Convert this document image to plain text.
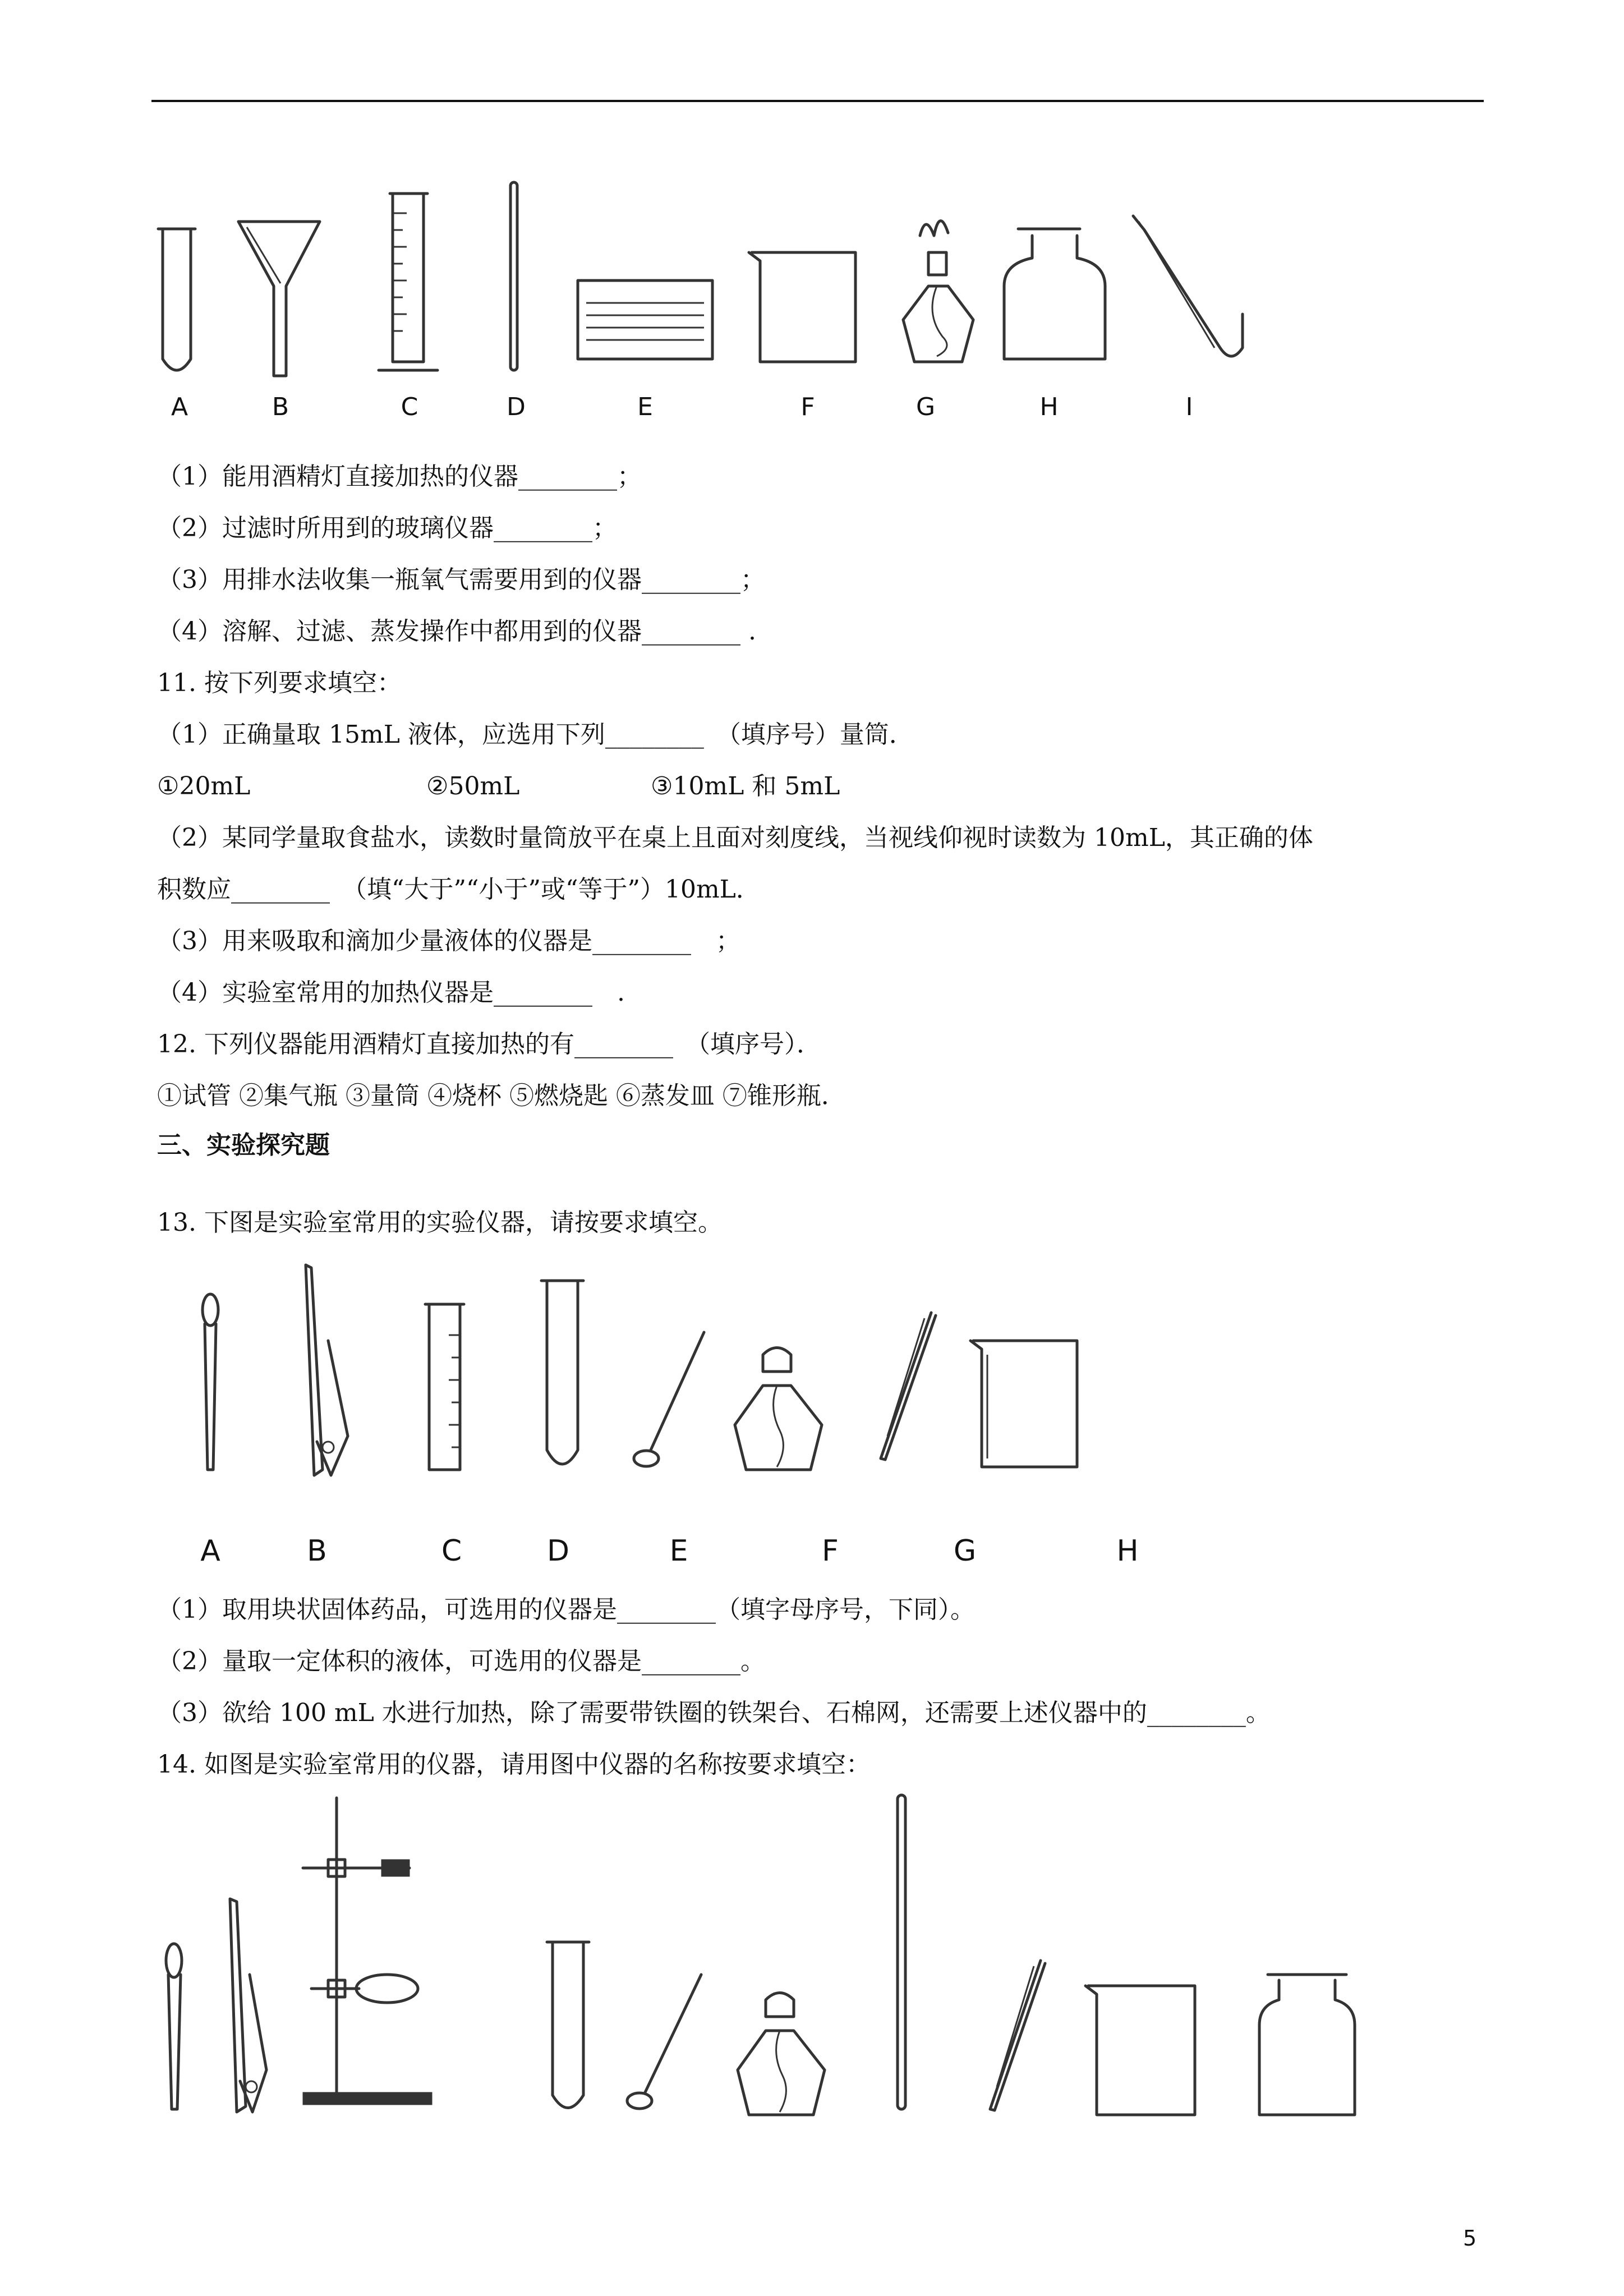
A	B	C	D	E	F	G	H	I
（1）能用酒精灯直接加热的仪器________；
（2）过滤时所用到的玻璃仪器________；
（3）用排水法收集一瓶氧气需要用到的仪器________；
（4）溶解、过滤、蒸发操作中都用到的仪器________ .
11. 按下列要求填空：
（1）正确量取 15mL 液体，应选用下列________　（填序号）量筒．
①20mL	②50mL	③10mL 和 5mL
（2）某同学量取食盐水，读数时量筒放平在桌上且面对刻度线，当视线仰视时读数为 10mL，其正确的体
积数应________　（填“大于”“小于”或“等于”）10mL．
（3）用来吸取和滴加少量液体的仪器是________　；
（4）实验室常用的加热仪器是________　.
12. 下列仪器能用酒精灯直接加热的有________　（填序号）．
①试管 ②集气瓶 ③量筒 ④烧杯 ⑤燃烧匙 ⑥蒸发皿 ⑦锥形瓶．
三、实验探究题
13. 下图是实验室常用的实验仪器，请按要求填空。
A	B	C	D	E	F	G	H
（1）取用块状固体药品，可选用的仪器是________（填字母序号，下同）。
（2）量取一定体积的液体，可选用的仪器是________。
（3）欲给 100 mL 水进行加热，除了需要带铁圈的铁架台、石棉网，还需要上述仪器中的________。
14. 如图是实验室常用的仪器，请用图中仪器的名称按要求填空：
5
